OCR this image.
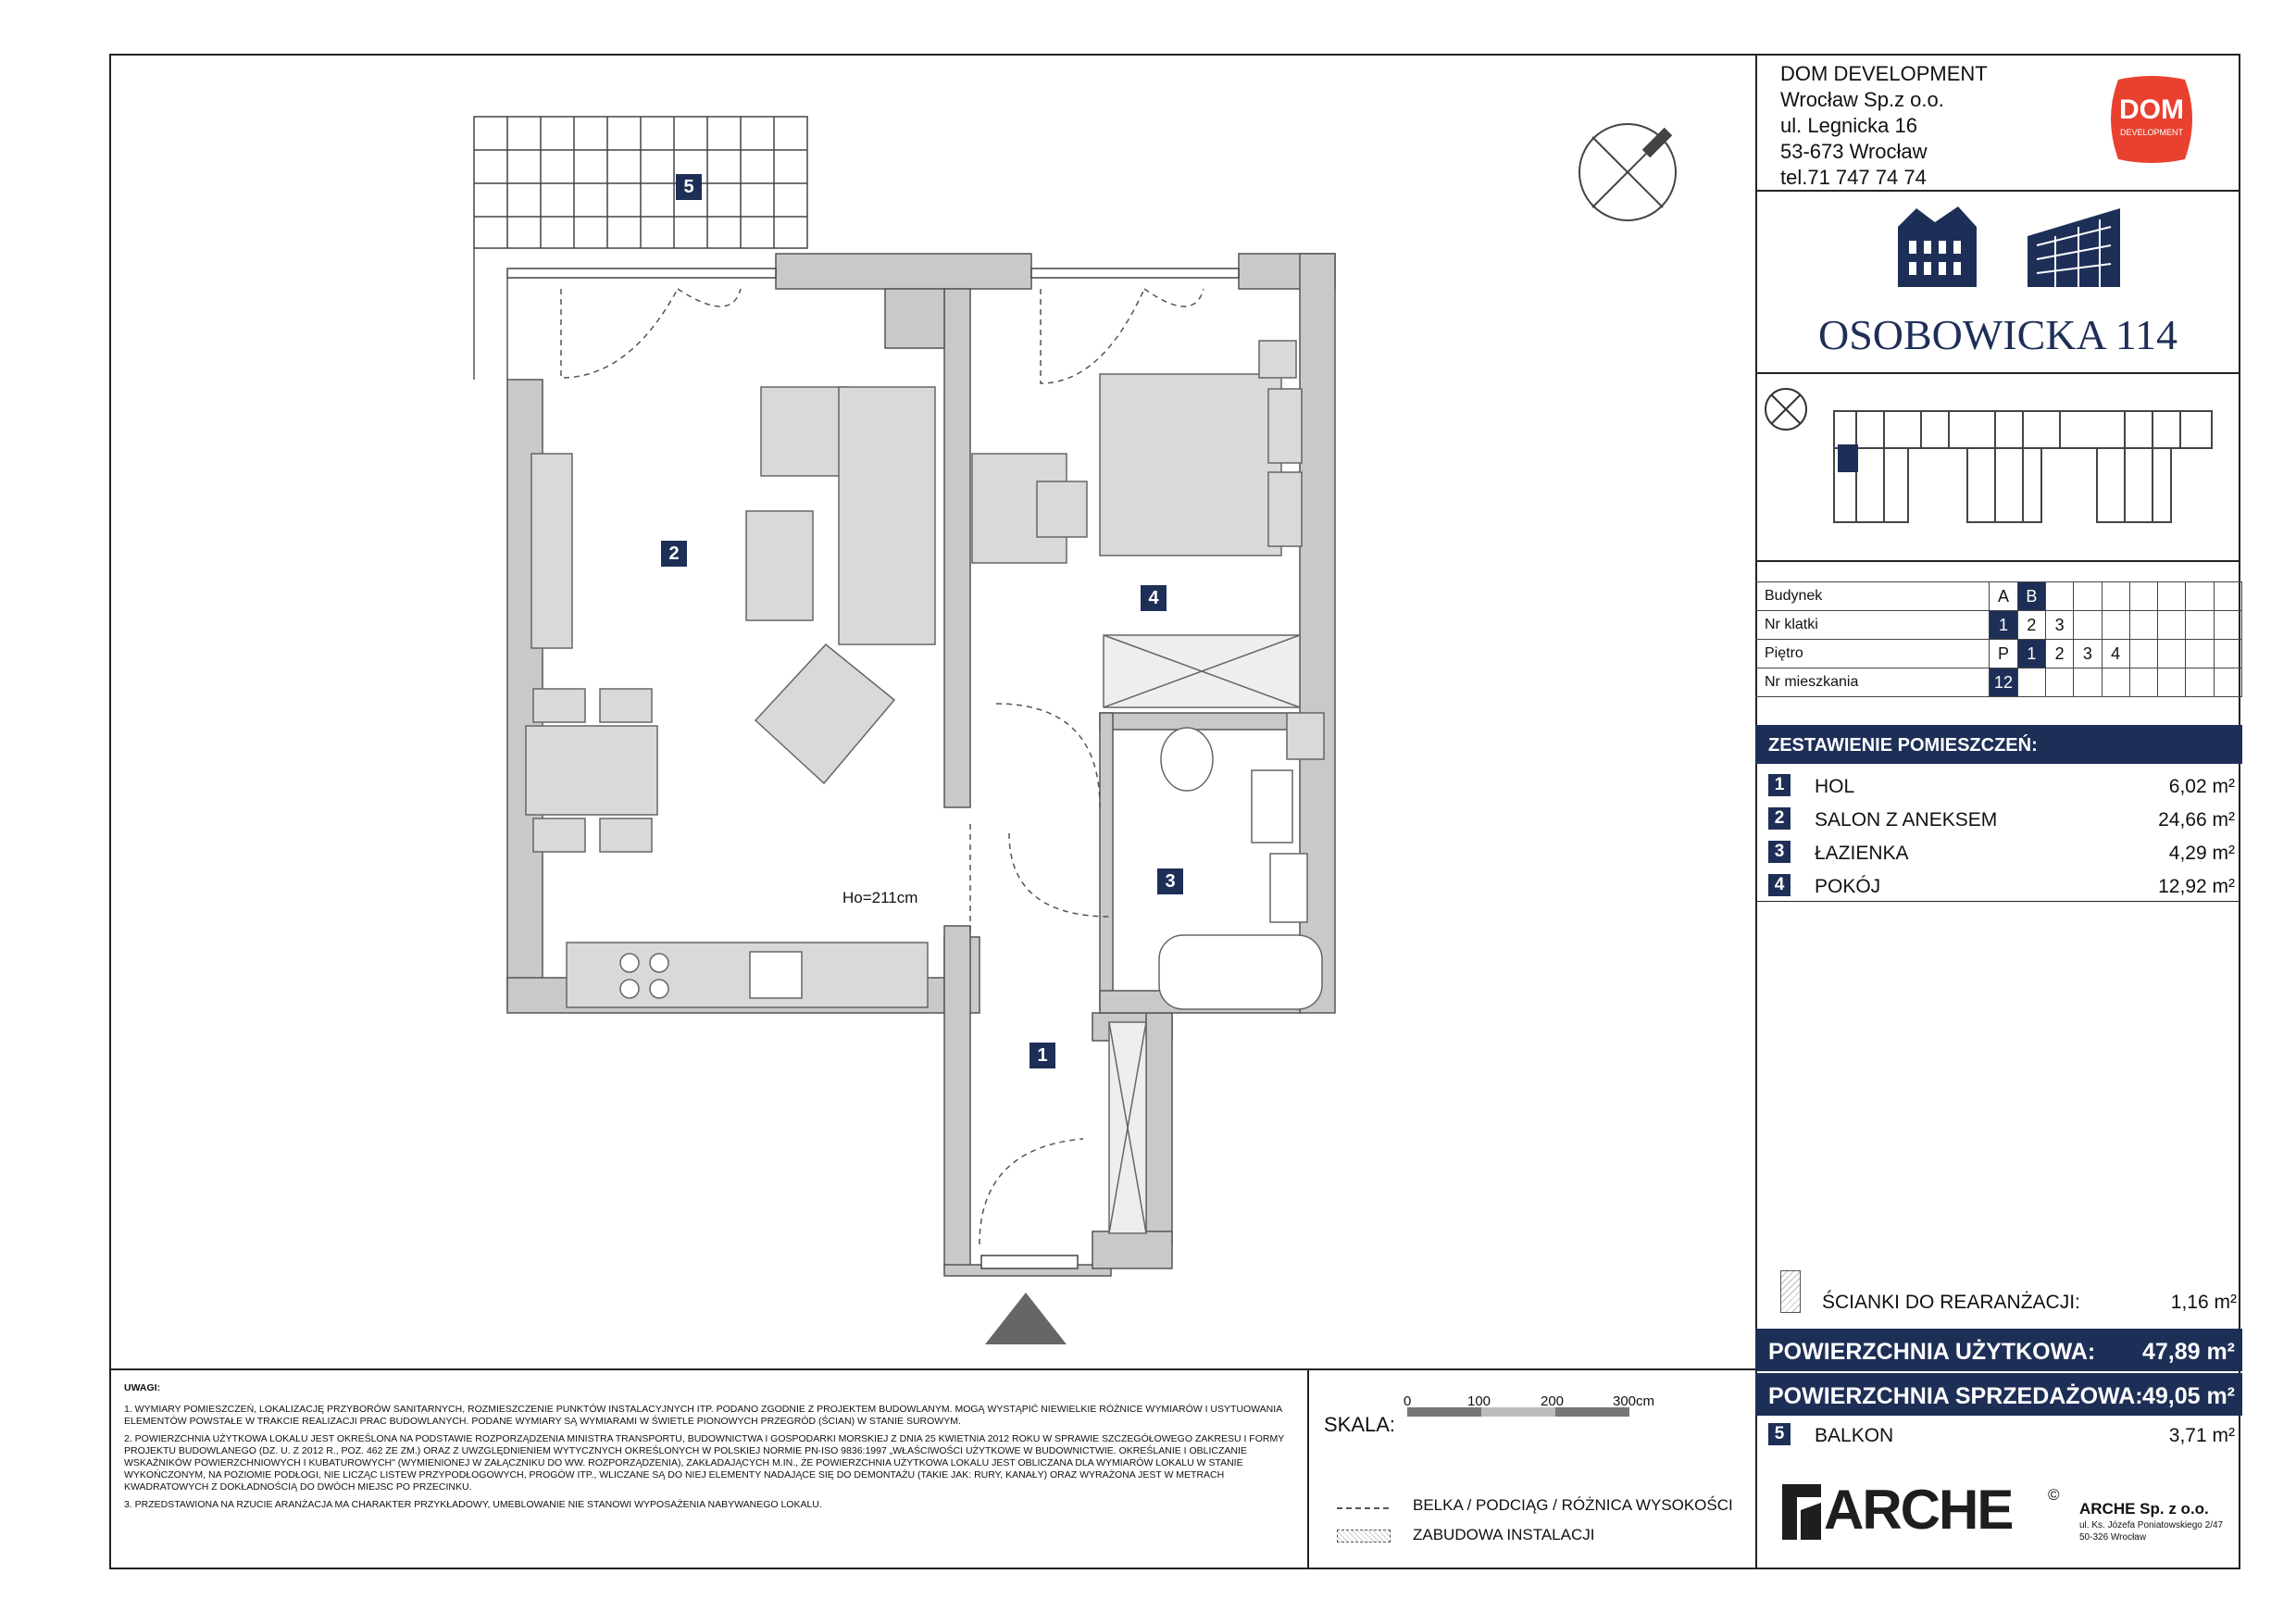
DOM DEVELOPMENT
Wrocław Sp.z o.o.
ul. Legnicka 16
53-673 Wrocław
tel.71 747 74 74
DOM
DEVELOPMENT
OSOBOWICKA 114
Budynek	A	B							
Nr klatki	1	2	3						
Piętro	P	1	2	3	4				
Nr mieszkania	12								
ZESTAWIENIE POMIESZCZEŃ:
1	HOL	6,02 m²
2	SALON Z ANEKSEM	24,66 m²
3	ŁAZIENKA	4,29 m²
4	POKÓJ	12,92 m²
ŚCIANKI DO REARANŻACJI:	1,16 m²
POWIERZCHNIA UŻYTKOWA: 47,89 m²
POWIERZCHNIA SPRZEDAŻOWA: 49,05 m²
5	BALKON	3,71 m²
UWAGI:
1. WYMIARY POMIESZCZEŃ, LOKALIZACJĘ PRZYBORÓW SANITARNYCH, ROZMIESZCZENIE PUNKTÓW INSTALACYJNYCH ITP. PODANO ZGODNIE Z PROJEKTEM BUDOWLANYM. MOGĄ WYSTĄPIĆ NIEWIELKIE RÓŻNICE WYMIARÓW I USYTUOWANIA ELEMENTÓW POWSTAŁE W TRAKCIE REALIZACJI PRAC BUDOWLANYCH. PODANE WYMIARY SĄ WYMIARAMI W ŚWIETLE PIONOWYCH PRZEGRÓD (ŚCIAN) W STANIE SUROWYM.
2. POWIERZCHNIA UŻYTKOWA LOKALU JEST OKREŚLONA NA PODSTAWIE ROZPORZĄDZENIA MINISTRA TRANSPORTU, BUDOWNICTWA I GOSPODARKI MORSKIEJ Z DNIA 25 KWIETNIA 2012 ROKU W SPRAWIE SZCZEGÓŁOWEGO ZAKRESU I FORMY PROJEKTU BUDOWLANEGO (DZ. U. Z 2012 R., POZ. 462 ZE ZM.) ORAZ Z UWZGLĘDNIENIEM WYTYCZNYCH OKREŚLONYCH W POLSKIEJ NORMIE PN-ISO 9836:1997 „WŁAŚCIWOŚCI UŻYTKOWE W BUDOWNICTWIE. OKREŚLANIE I OBLICZANIE WSKAŹNIKÓW POWIERZCHNIOWYCH I KUBATUROWYCH" (WYMIENIONEJ W ZAŁĄCZNIKU DO WW. ROZPORZĄDZENIA), ZAKŁADAJĄCYCH M.IN., ŻE POWIERZCHNIA UŻYTKOWA LOKALU JEST OBLICZANA DLA WYMIARÓW LOKALU W STANIE WYKOŃCZONYM, NA POZIOMIE PODŁOGI, NIE LICZĄC LISTEW PRZYPODŁOGOWYCH, PROGÓW ITP., WLICZANE SĄ DO NIEJ ELEMENTY NADAJĄCE SIĘ DO DEMONTAŻU (TAKIE JAK: RURY, KANAŁY) ORAZ WYRAŻONA JEST W METRACH KWADRATOWYCH Z DOKŁADNOŚCIĄ DO DWÓCH MIEJSC PO PRZECINKU.
3. PRZEDSTAWIONA NA RZUCIE ARANŻACJA MA CHARAKTER PRZYKŁADOWY, UMEBLOWANIE NIE STANOWI WYPOSAŻENIA NABYWANEGO LOKALU.
SKALA:
0	100	200	300cm
BELKA / PODCIĄG / RÓŻNICA WYSOKOŚCI
ZABUDOWA INSTALACJI	ARCHE ©
ARCHE Sp. z o.o.
ul. Ks. Józefa Poniatowskiego 2/47
50-326 Wrocław
5
2
4
3
1
Ho=211cm
